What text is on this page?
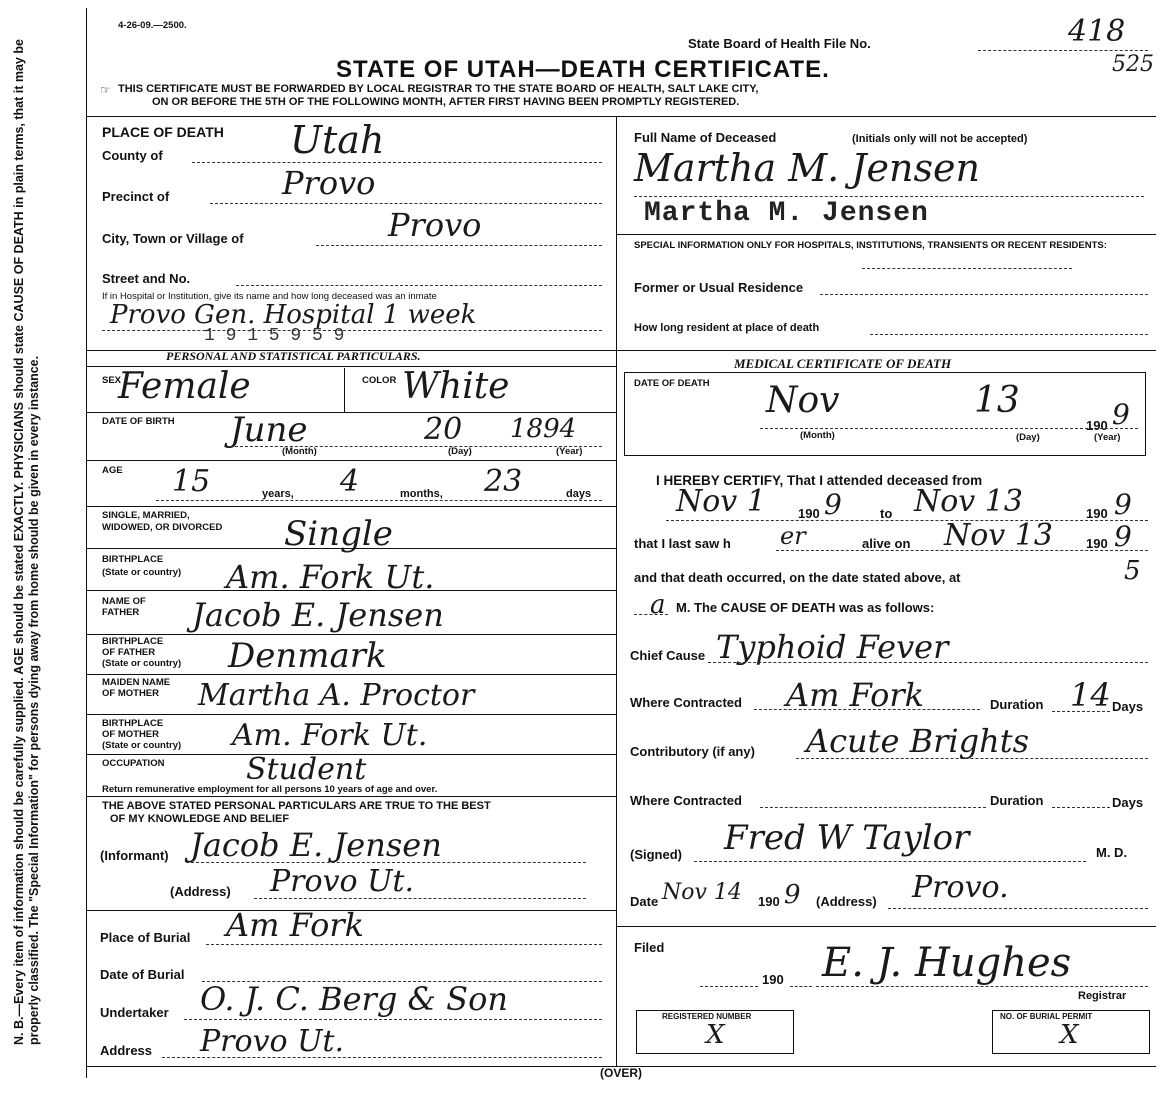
N. B.—Every item of information should be carefully supplied. AGE should be stated EXACTLY. PHYSICIANS should state CAUSE OF DEATH in plain terms, that it may be properly classified. The "Special Information" for persons dying away from home should be given in every instance.
4-26-09.—2500.
State Board of Health File No.	418
525
STATE OF UTAH—DEATH CERTIFICATE.
☞ THIS CERTIFICATE MUST BE FORWARDED BY LOCAL REGISTRAR TO THE STATE BOARD OF HEALTH, SALT LAKE CITY,
ON OR BEFORE THE 5TH OF THE FOLLOWING MONTH, AFTER FIRST HAVING BEEN PROMPTLY REGISTERED.
PLACE OF DEATH
County of	Utah
Precinct of	Provo
City, Town or Village of	Provo
Street and No.
If in Hospital or Institution, give its name and how long deceased was an inmate
Provo Gen. Hospital 1 week
1 9 1 5 9 5 9
PERSONAL AND STATISTICAL PARTICULARS.
SEX
Female	COLOR White
DATE OF BIRTH June	20 1894
(Month)	(Day)	(Year)
AGE 15	years, 4	months, 23	days
SINGLE, MARRIED,
WIDOWED, OR DIVORCED Single
BIRTHPLACE
(State or country) Am. Fork Ut.
NAME OF
FATHER Jacob E. Jensen
BIRTHPLACE
OF FATHER
(State or country) Denmark
MAIDEN NAME
OF MOTHER Martha A. Proctor
BIRTHPLACE
OF MOTHER
(State or country) Am. Fork Ut.
OCCUPATION	Student
Return remunerative employment for all persons 10 years of age and over.
THE ABOVE STATED PERSONAL PARTICULARS ARE TRUE TO THE BEST
OF MY KNOWLEDGE AND BELIEF
(Informant) Jacob E. Jensen
(Address) Provo Ut.
Place of Burial Am Fork
Date of Burial
Undertaker O. J. C. Berg & Son
Address Provo Ut.
Full Name of Deceased	(Initials only will not be accepted)
Martha M. Jensen
Martha M. Jensen
SPECIAL INFORMATION ONLY FOR HOSPITALS, INSTITUTIONS, TRANSIENTS OR RECENT RESIDENTS:
Former or Usual Residence
How long resident at place of death
MEDICAL CERTIFICATE OF DEATH
DATE OF DEATH Nov	13
190 9
(Month)	(Day)	(Year)
I HEREBY CERTIFY, That I attended deceased from
Nov 1 190 9	to Nov 13	190 9
that I last saw h er	alive on Nov 13	190 9
and that death occurred, on the date stated above, at	5
a M. The CAUSE OF DEATH was as follows:
Chief Cause Typhoid Fever
Where Contracted Am Fork	Duration 14 Days
Contributory (if any) Acute Brights
Where Contracted	Duration	Days
(Signed) Fred W Taylor	M. D.
Date Nov 14 190 9 (Address) Provo.
Filed
190 E. J. Hughes
Registrar
REGISTERED NUMBER
X
NO. OF BURIAL PERMIT
X
(OVER)
